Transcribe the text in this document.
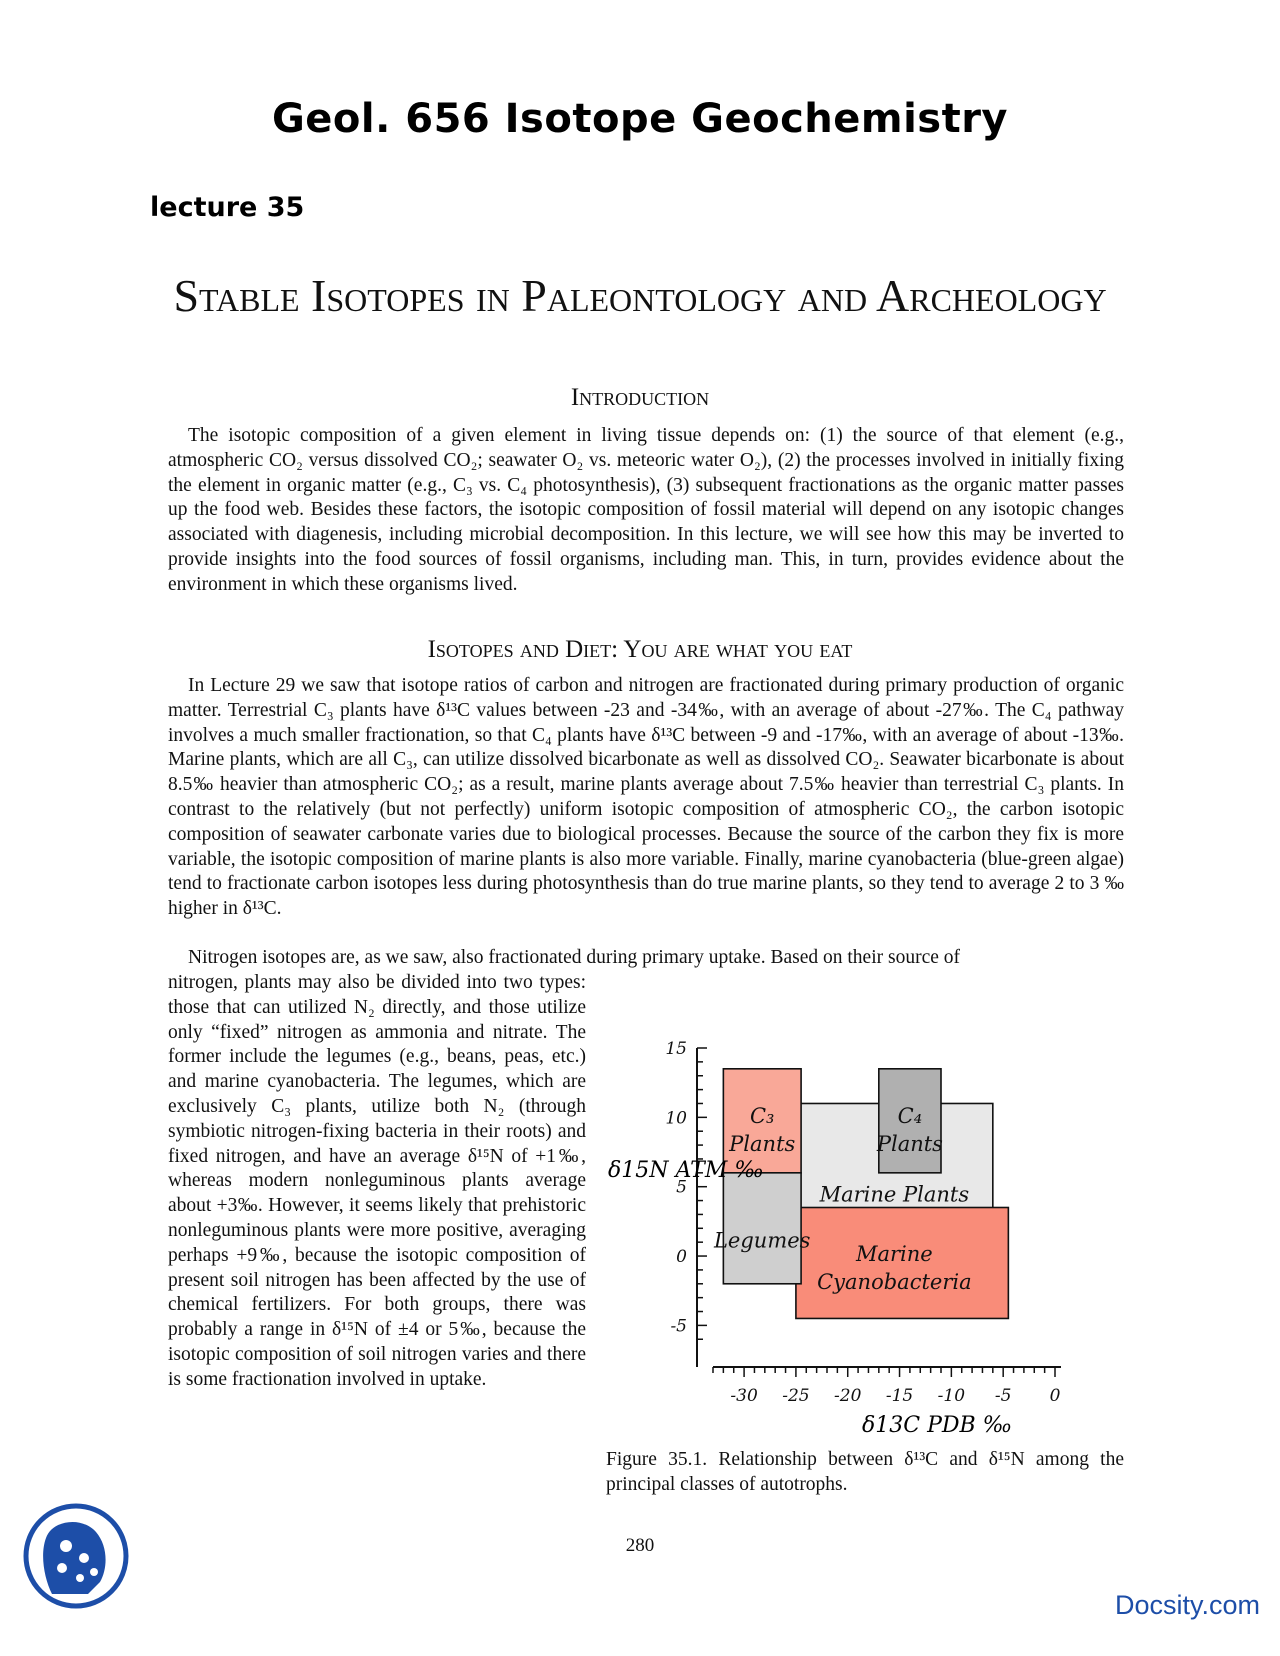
Geol. 656 Isotope Geochemistry
lecture 35
Stable Isotopes in Paleontology and Archeology
Introduction

The isotopic composition of a given element in living tissue depends on: (1) the source of that element (e.g., atmospheric CO₂ versus dissolved CO₂; seawater O₂ vs. meteoric water O₂), (2) the processes involved in initially fixing the element in organic matter (e.g., C₃ vs. C₄ photosynthesis), (3) subsequent fractionations as the organic matter passes up the food web. Besides these factors, the isotopic composition of fossil material will depend on any isotopic changes associated with diagenesis, including microbial decomposition. In this lecture, we will see how this may be inverted to provide insights into the food sources of fossil organisms, including man. This, in turn, provides evidence about the environment in which these organisms lived.

Isotopes and Diet: You are what you eat

In Lecture 29 we saw that isotope ratios of carbon and nitrogen are fractionated during primary production of organic matter. Terrestrial C₃ plants have δ¹³C values between -23 and -34‰, with an average of about -27‰. The C₄ pathway involves a much smaller fractionation, so that C₄ plants have δ¹³C between -9 and -17‰, with an average of about -13‰. Marine plants, which are all C₃, can utilize dissolved bicarbonate as well as dissolved CO₂. Seawater bicarbonate is about 8.5‰ heavier than atmospheric CO₂; as a result, marine plants average about 7.5‰ heavier than terrestrial C₃ plants. In contrast to the relatively (but not perfectly) uniform isotopic composition of atmospheric CO₂, the carbon isotopic composition of seawater carbonate varies due to biological processes. Because the source of the carbon they fix is more variable, the isotopic composition of marine plants is also more variable. Finally, marine cyanobacteria (blue-green algae) tend to fractionate carbon isotopes less during photosynthesis than do true marine plants, so they tend to average 2 to 3 ‰ higher in δ¹³C.

Nitrogen isotopes are, as we saw, also fractionated during primary uptake. Based on their source of

nitrogen, plants may also be divided into two types: those that can utilized N₂ directly, and those utilize only “fixed” nitrogen as ammonia and nitrate. The former include the legumes (e.g., beans, peas, etc.) and marine cyanobacteria. The legumes, which are exclusively C₃ plants, utilize both N₂ (through symbiotic nitrogen-fixing bacteria in their roots) and fixed nitrogen, and have an average δ¹⁵N of +1‰, whereas modern nonleguminous plants average about +3‰. However, it seems likely that prehistoric nonleguminous plants were more positive, averaging perhaps +9‰, because the isotopic composition of present soil nitrogen has been affected by the use of chemical fertilizers. For both groups, there was probably a range in δ¹⁵N of ±4 or 5‰, because the isotopic composition of soil nitrogen varies and there is some fractionation involved in uptake.

Marine Plants
Marine
Cyanobacteria
C₃
Plants
C₄
Plants
Legumes
-30 -25 -20 -15 -10 -5 0
15
10
5
0
-5
δ15N ATM ‰
δ13C PDB ‰
Figure 35.1. Relationship between δ¹³C and δ¹⁵N among the principal classes of autotrophs.
280
Docsity.com
